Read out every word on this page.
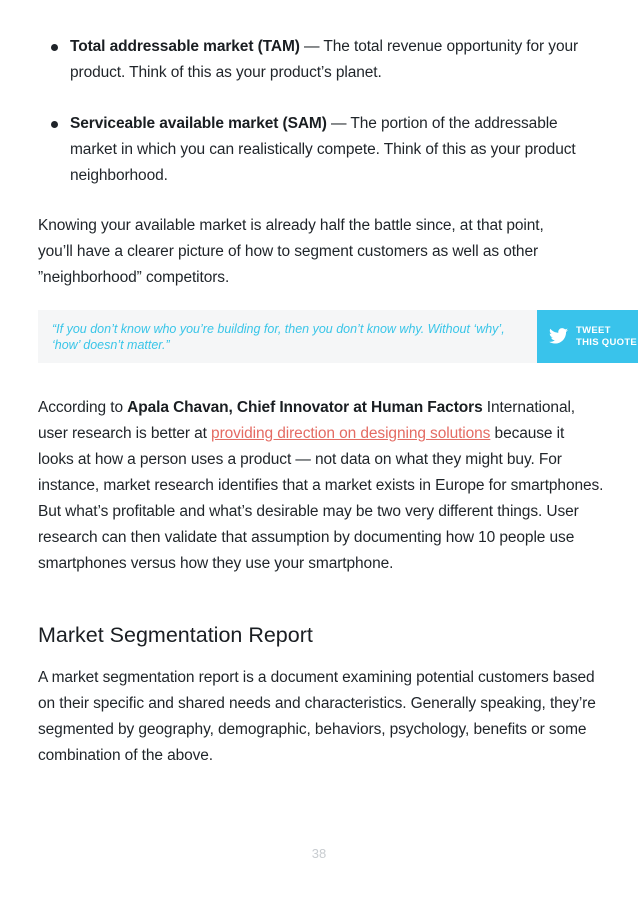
Total addressable market (TAM) — The total revenue opportunity for your
product. Think of this as your product’s planet.
Serviceable available market (SAM) — The portion of the addressable
market in which you can realistically compete. Think of this as your product
neighborhood.
Knowing your available market is already half the battle since, at that point,
you’ll have a clearer picture of how to segment customers as well as other
”neighborhood” competitors.
“If you don’t know who you’re building for, then you don’t know why. Without ‘why’,
‘how’ doesn’t matter.”
TWEET
THIS QUOTE
According to Apala Chavan, Chief Innovator at Human Factors International,
user research is better at providing direction on designing solutions because it
looks at how a person uses a product — not data on what they might buy. For
instance, market research identifies that a market exists in Europe for smartphones.
But what’s profitable and what’s desirable may be two very different things. User
research can then validate that assumption by documenting how 10 people use
smartphones versus how they use your smartphone.
Market Segmentation Report
A market segmentation report is a document examining potential customers based
on their specific and shared needs and characteristics. Generally speaking, they’re
segmented by geography, demographic, behaviors, psychology, benefits or some
combination of the above.
38
